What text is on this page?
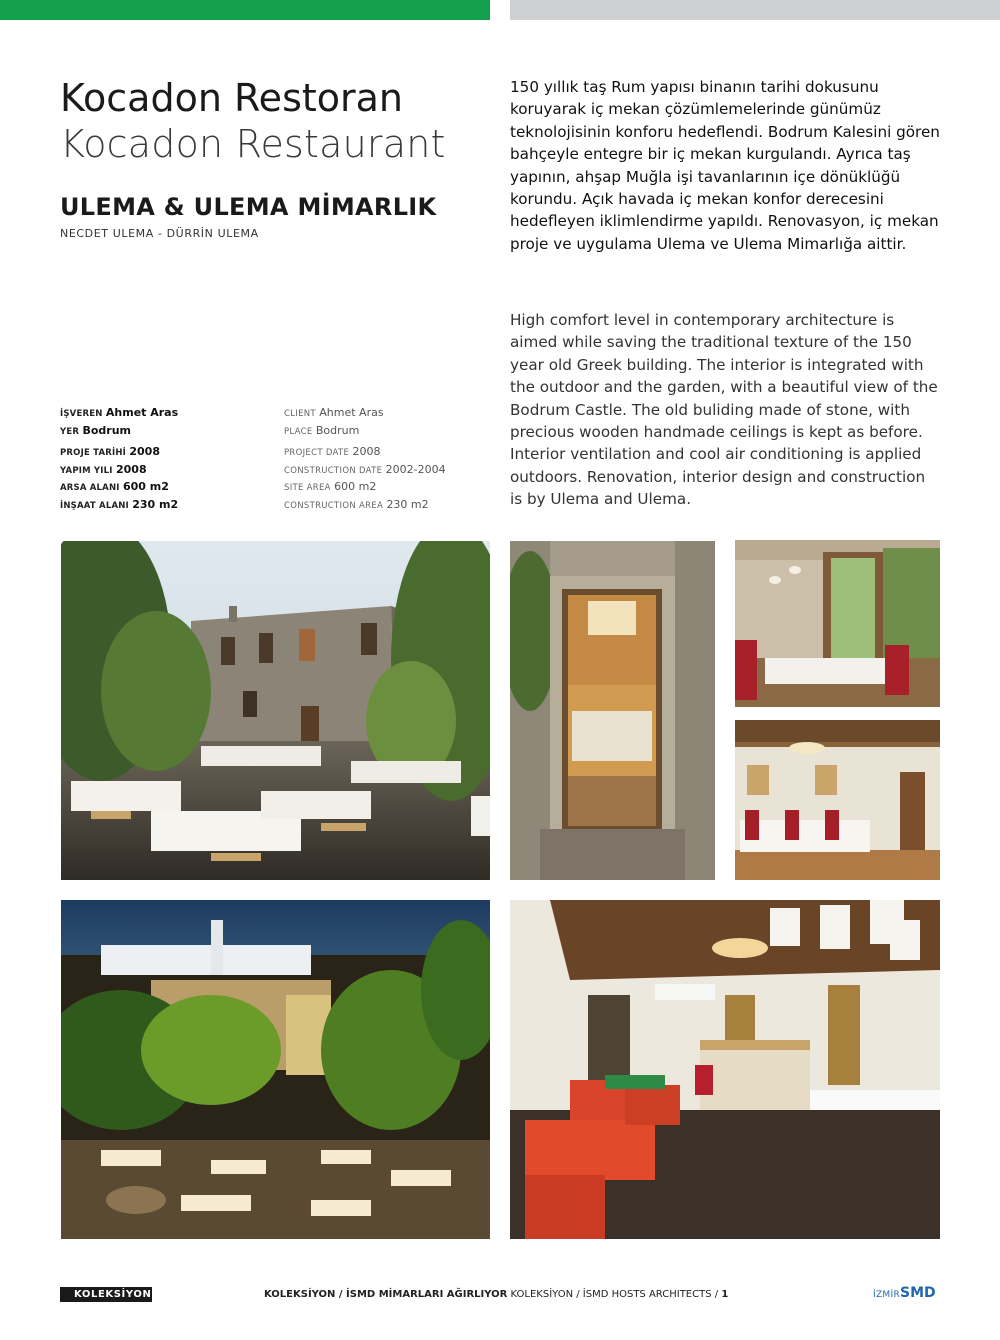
Kocadon Restoran
Kocadon Restaurant
ULEMA & ULEMA MİMARLIK
NECDET ULEMA - DÜRRİN ULEMA

150 yıllık taş Rum yapısı binanın tarihi dokusunu koruyarak iç mekan çözümlemelerinde günümüz teknolojisinin konforu hedeflendi. Bodrum Kalesini gören bahçeyle entegre bir iç mekan kurgulandı. Ayrıca taş yapının, ahşap Muğla işi tavanlarının içe dönüklüğü korundu. Açık havada iç mekan konfor derecesini hedefleyen iklimlendirme yapıldı. Renovasyon, iç mekan proje ve uygulama Ulema ve Ulema Mimarlığa aittir.

High comfort level in contemporary architecture is aimed while saving the traditional texture of the 150 year old Greek building. The interior is integrated with the outdoor and the garden, with a beautiful view of the Bodrum Castle. The old buliding made of stone, with precious wooden handmade ceilings is kept as before. Interior ventilation and cool air conditioning is applied outdoors. Renovation, interior design and construction is by Ulema and Ulema.

İŞVEREN Ahmet Aras
YER Bodrum
PROJE TARİHİ 2008
YAPIM YILI 2008
ARSA ALANI 600 m2
İNŞAAT ALANI 230 m2
CLIENT Ahmet Aras
PLACE Bodrum
PROJECT DATE 2008
CONSTRUCTION DATE 2002-2004
SITE AREA 600 m2
CONSTRUCTION AREA 230 m2
KOLEKSİYON	KOLEKSİYON / İSMD MİMARLARI AĞIRLIYOR KOLEKSİYON / İSMD HOSTS ARCHITECTS / 1	İZMİRSMD
